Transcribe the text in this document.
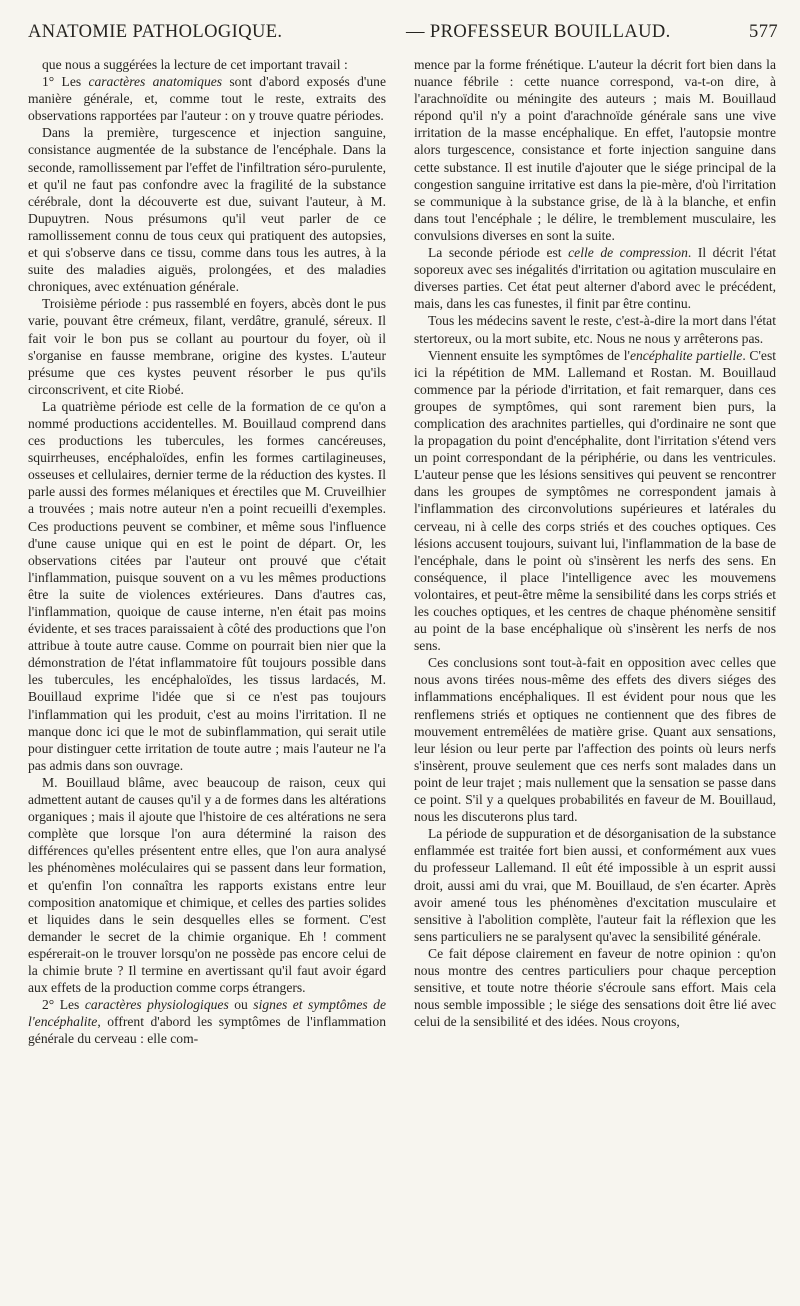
ANATOMIE PATHOLOGIQUE.	— PROFESSEUR BOUILLAUD.	577

que nous a suggérées la lecture de cet important travail :

1° Les caractères anatomiques sont d'abord exposés d'une manière générale, et, comme tout le reste, extraits des observations rapportées par l'auteur : on y trouve quatre périodes.

Dans la première, turgescence et injection sanguine, consistance augmentée de la substance de l'encéphale. Dans la seconde, ramollissement par l'effet de l'infiltration séro-purulente, et qu'il ne faut pas confondre avec la fragilité de la substance cérébrale, dont la découverte est due, suivant l'auteur, à M. Dupuytren. Nous présumons qu'il veut parler de ce ramollissement connu de tous ceux qui pratiquent des autopsies, et qui s'observe dans ce tissu, comme dans tous les autres, à la suite des maladies aiguës, prolongées, et des maladies chroniques, avec exténuation générale.

Troisième période : pus rassemblé en foyers, abcès dont le pus varie, pouvant être crémeux, filant, verdâtre, granulé, séreux. Il fait voir le bon pus se collant au pourtour du foyer, où il s'organise en fausse membrane, origine des kystes. L'auteur présume que ces kystes peuvent résorber le pus qu'ils circonscrivent, et cite Riobé.

La quatrième période est celle de la formation de ce qu'on a nommé productions accidentelles. M. Bouillaud comprend dans ces productions les tubercules, les formes cancéreuses, squirrheuses, encéphaloïdes, enfin les formes cartilagineuses, osseuses et cellulaires, dernier terme de la réduction des kystes. Il parle aussi des formes mélaniques et érectiles que M. Cruveilhier a trouvées ; mais notre auteur n'en a point recueilli d'exemples. Ces productions peuvent se combiner, et même sous l'influence d'une cause unique qui en est le point de départ. Or, les observations citées par l'auteur ont prouvé que c'était l'inflammation, puisque souvent on a vu les mêmes productions être la suite de violences extérieures. Dans d'autres cas, l'inflammation, quoique de cause interne, n'en était pas moins évidente, et ses traces paraissaient à côté des productions que l'on attribue à toute autre cause. Comme on pourrait bien nier que la démonstration de l'état inflammatoire fût toujours possible dans les tubercules, les encéphaloïdes, les tissus lardacés, M. Bouillaud exprime l'idée que si ce n'est pas toujours l'inflammation qui les produit, c'est au moins l'irritation. Il ne manque donc ici que le mot de subinflammation, qui serait utile pour distinguer cette irritation de toute autre ; mais l'auteur ne l'a pas admis dans son ouvrage.

M. Bouillaud blâme, avec beaucoup de raison, ceux qui admettent autant de causes qu'il y a de formes dans les altérations organiques ; mais il ajoute que l'histoire de ces altérations ne sera complète que lorsque l'on aura déterminé la raison des différences qu'elles présentent entre elles, que l'on aura analysé les phénomènes moléculaires qui se passent dans leur formation, et qu'enfin l'on connaîtra les rapports existans entre leur composition anatomique et chimique, et celles des parties solides et liquides dans le sein desquelles elles se forment. C'est demander le secret de la chimie organique. Eh ! comment espérerait-on le trouver lorsqu'on ne possède pas encore celui de la chimie brute ? Il termine en avertissant qu'il faut avoir égard aux effets de la production comme corps étrangers.

2° Les caractères physiologiques ou signes et symptômes de l'encéphalite, offrent d'abord les symptômes de l'inflammation générale du cerveau : elle com-

mence par la forme frénétique. L'auteur la décrit fort bien dans la nuance fébrile : cette nuance correspond, va-t-on dire, à l'arachnoïdite ou méningite des auteurs ; mais M. Bouillaud répond qu'il n'y a point d'arachnoïde générale sans une vive irritation de la masse encéphalique. En effet, l'autopsie montre alors turgescence, consistance et forte injection sanguine dans cette substance. Il est inutile d'ajouter que le siége principal de la congestion sanguine irritative est dans la pie-mère, d'où l'irritation se communique à la substance grise, de là à la blanche, et enfin dans tout l'encéphale ; le délire, le tremblement musculaire, les convulsions diverses en sont la suite.

La seconde période est celle de compression. Il décrit l'état soporeux avec ses inégalités d'irritation ou agitation musculaire en diverses parties. Cet état peut alterner d'abord avec le précédent, mais, dans les cas funestes, il finit par être continu.

Tous les médecins savent le reste, c'est-à-dire la mort dans l'état stertoreux, ou la mort subite, etc. Nous ne nous y arrêterons pas.

Viennent ensuite les symptômes de l'encéphalite partielle. C'est ici la répétition de MM. Lallemand et Rostan. M. Bouillaud commence par la période d'irritation, et fait remarquer, dans ces groupes de symptômes, qui sont rarement bien purs, la complication des arachnites partielles, qui d'ordinaire ne sont que la propagation du point d'encéphalite, dont l'irritation s'étend vers un point correspondant de la périphérie, ou dans les ventricules. L'auteur pense que les lésions sensitives qui peuvent se rencontrer dans les groupes de symptômes ne correspondent jamais à l'inflammation des circonvolutions supérieures et latérales du cerveau, ni à celle des corps striés et des couches optiques. Ces lésions accusent toujours, suivant lui, l'inflammation de la base de l'encéphale, dans le point où s'insèrent les nerfs des sens. En conséquence, il place l'intelligence avec les mouvemens volontaires, et peut-être même la sensibilité dans les corps striés et les couches optiques, et les centres de chaque phénomène sensitif au point de la base encéphalique où s'insèrent les nerfs de nos sens.

Ces conclusions sont tout-à-fait en opposition avec celles que nous avons tirées nous-même des effets des divers siéges des inflammations encéphaliques. Il est évident pour nous que les renflemens striés et optiques ne contiennent que des fibres de mouvement entremêlées de matière grise. Quant aux sensations, leur lésion ou leur perte par l'affection des points où leurs nerfs s'insèrent, prouve seulement que ces nerfs sont malades dans un point de leur trajet ; mais nullement que la sensation se passe dans ce point. S'il y a quelques probabilités en faveur de M. Bouillaud, nous les discuterons plus tard.

La période de suppuration et de désorganisation de la substance enflammée est traitée fort bien aussi, et conformément aux vues du professeur Lallemand. Il eût été impossible à un esprit aussi droit, aussi ami du vrai, que M. Bouillaud, de s'en écarter. Après avoir amené tous les phénomènes d'excitation musculaire et sensitive à l'abolition complète, l'auteur fait la réflexion que les sens particuliers ne se paralysent qu'avec la sensibilité générale.

Ce fait dépose clairement en faveur de notre opinion : qu'on nous montre des centres particuliers pour chaque perception sensitive, et toute notre théorie s'écroule sans effort. Mais cela nous semble impossible ; le siége des sensations doit être lié avec celui de la sensibilité et des idées. Nous croyons,
